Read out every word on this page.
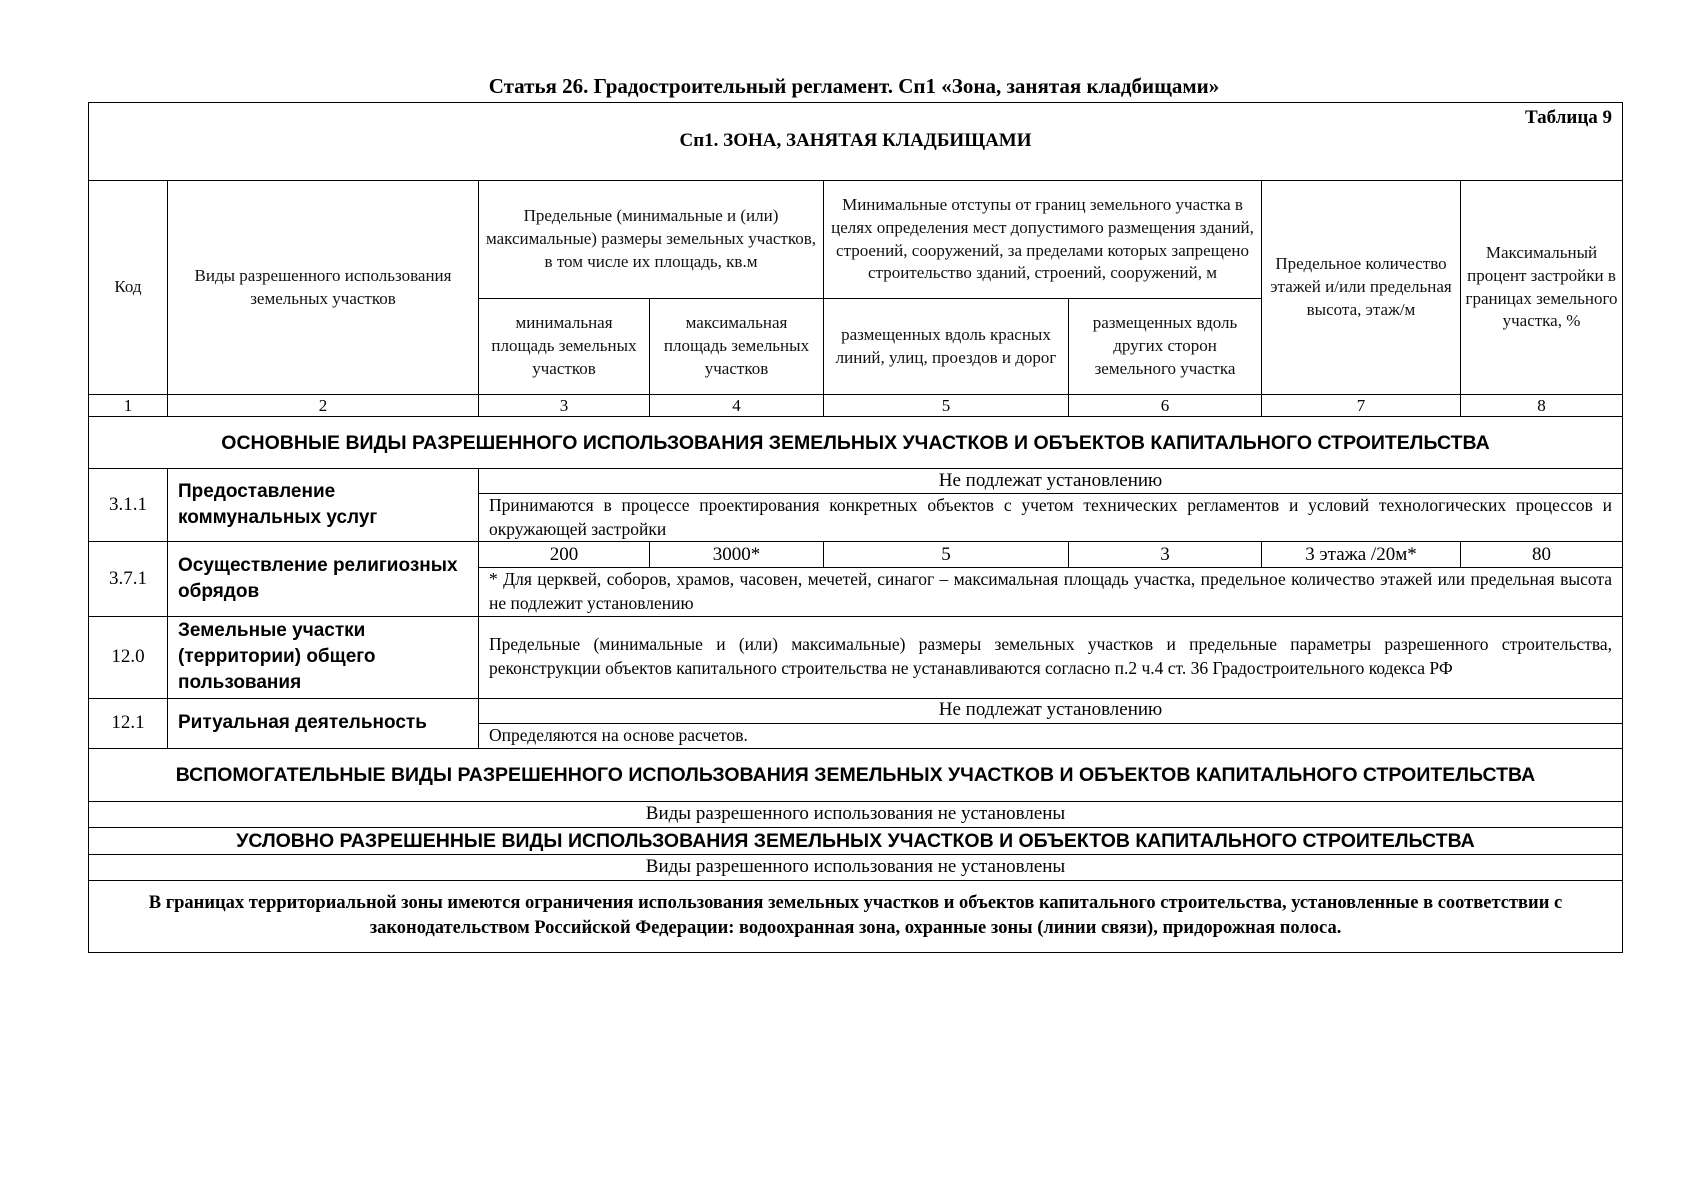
Статья 26. Градостроительный регламент. Сп1 «Зона, занятая кладбищами»
Таблица 9
Сп1. ЗОНА, ЗАНЯТАЯ КЛАДБИЩАМИ							
Код	Виды разрешенного использования земельных участков	Предельные (минимальные и (или) максимальные) размеры земельных участков, в том числе их площадь, кв.м		Минимальные отступы от границ земельного участка в целях определения мест допустимого размещения зданий, строений, сооружений, за пределами которых запрещено строительство зданий, строений, сооружений, м		Предельное количество этажей и/или предельная высота, этаж/м	Максимальный процент застройки в границах земельного участка, %
		минимальная площадь земельных участков	максимальная площадь земельных участков	размещенных вдоль красных линий, улиц, проездов и дорог	размещенных вдоль других сторон земельного участка		
1	2	3	4	5	6	7	8
ОСНОВНЫЕ ВИДЫ РАЗРЕШЕННОГО ИСПОЛЬЗОВАНИЯ ЗЕМЕЛЬНЫХ УЧАСТКОВ И ОБЪЕКТОВ КАПИТАЛЬНОГО СТРОИТЕЛЬСТВА							
3.1.1	Предоставление коммунальных услуг	Не подлежат установлению					
		Принимаются в процессе проектирования конкретных объектов с учетом технических регламентов и условий технологических процессов и окружающей застройки					
3.7.1	Осуществление религиозных обрядов	200	3000*	5	3	3 этажа /20м*	80
		* Для церквей, соборов, храмов, часовен, мечетей, синагог – максимальная площадь участка, предельное количество этажей или предельная высота не подлежит установлению					
12.0	Земельные участки (территории) общего пользования	Предельные (минимальные и (или) максимальные) размеры земельных участков и предельные параметры разрешенного строительства, реконструкции объектов капитального строительства не устанавливаются согласно п.2 ч.4 ст. 36 Градостроительного кодекса РФ					
12.1	Ритуальная деятельность	Не подлежат установлению					
		Определяются на основе расчетов.					
ВСПОМОГАТЕЛЬНЫЕ ВИДЫ РАЗРЕШЕННОГО ИСПОЛЬЗОВАНИЯ ЗЕМЕЛЬНЫХ УЧАСТКОВ И ОБЪЕКТОВ КАПИТАЛЬНОГО СТРОИТЕЛЬСТВА							
Виды разрешенного использования не установлены							
УСЛОВНО РАЗРЕШЕННЫЕ ВИДЫ ИСПОЛЬЗОВАНИЯ ЗЕМЕЛЬНЫХ УЧАСТКОВ И ОБЪЕКТОВ КАПИТАЛЬНОГО СТРОИТЕЛЬСТВА							
Виды разрешенного использования не установлены							
В границах территориальной зоны имеются ограничения использования земельных участков и объектов капитального строительства, установленные в соответствии с законодательством Российской Федерации: водоохранная зона, охранные зоны (линии связи), придорожная полоса.							
